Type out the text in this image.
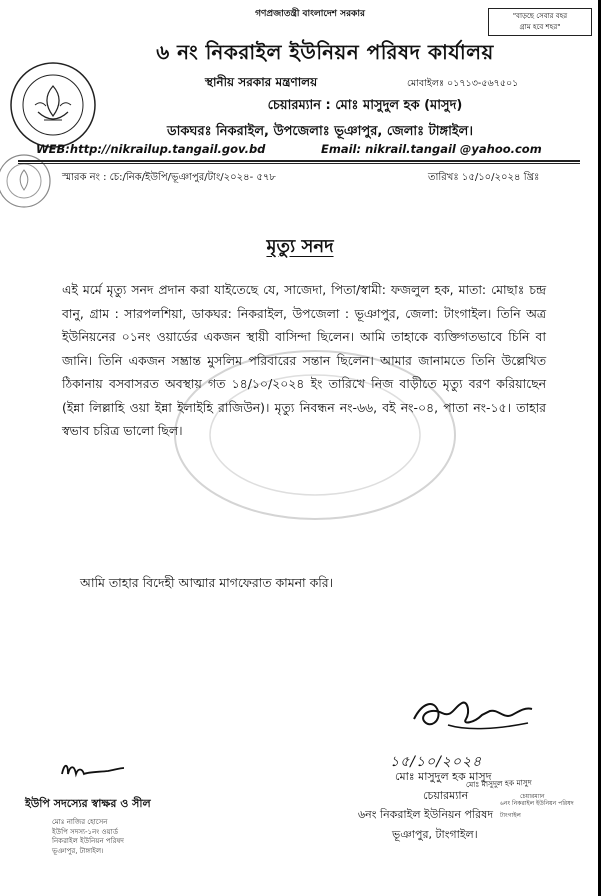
গণপ্রজাতন্ত্রী বাংলাদেশ সরকার	"বাড়ছে সেবার বহর
গ্রাম হবে শহর"
৬ নং নিকরাইল ইউনিয়ন পরিষদ কার্যালয়
স্থানীয় সরকার মন্ত্রণালয়	মোবাইলঃ ০১৭১৩-৫৬৭৫০১
চেয়ারম্যান : মোঃ মাসুদুল হক (মাসুদ)
ডাকঘরঃ নিকরাইল, উপজেলাঃ ভূঞাপুর, জেলাঃ টাঙ্গাইল।
WEB:http://nikrailup.tangail.gov.bd	Email: nikrail.tangail @yahoo.com
স্মারক নং : চে:/নিক/ইউপি/ভূঞাপুর/টাং/২০২৪- ৫৭৮	তারিখঃ ১৫/১০/২০২৪ খ্রিঃ
মৃত্যু সনদ
এই মর্মে মৃত্যু সনদ প্রদান করা যাইতেছে যে, সাজেদা, পিতা/স্বামী: ফজলুল হক, মাতা: মোছাঃ চন্দ্র বানু, গ্রাম : সারপলশিয়া, ডাকঘর: নিকরাইল, উপজেলা : ভূঞাপুর, জেলা: টাংগাইল। তিনি অত্র ইউনিয়নের ০১নং ওয়ার্ডের একজন স্থায়ী বাসিন্দা ছিলেন। আমি তাহাকে ব্যক্তিগতভাবে চিনি বা জানি। তিনি একজন সম্ভ্রান্ত মুসলিম পরিবারের সন্তান ছিলেন। আমার জানামতে তিনি উল্লেখিত ঠিকানায় বসবাসরত অবস্থায় গত ১৪/১০/২০২৪ ইং তারিখে নিজ বাড়ীতে মৃত্যু বরণ করিয়াছেন (ইন্না লিল্লাহি ওয়া ইন্না ইলাইহি রাজিউন)। মৃত্যু নিবন্ধন নং-৬৬, বই নং-০৪, পাতা নং-১৫। তাহার স্বভাব চরিত্র ভালো ছিল।
আমি তাহার বিদেহী আত্মার মাগফেরাত কামনা করি।
১৫/১০/২০২৪
মোঃ মাসুদুল হক মাসুদ
মোঃ মাসুদুল হক মাসুদ
চেয়ারম্যান	চেয়ারম্যান
৬নং নিকরাইল ইউনিয়ন পরিষদ
টাংগাইল
৬নং নিকরাইল ইউনিয়ন পরিষদ
ভূঞাপুর, টাংগাইল।
ইউপি সদস্যের স্বাক্ষর ও সীল
মোঃ নাজির হোসেন
ইউপি সদস্য-১নং ওয়ার্ড
নিকরাইল ইউনিয়ন পরিষদ
ভূঞাপুর, টাঙ্গাইল।
